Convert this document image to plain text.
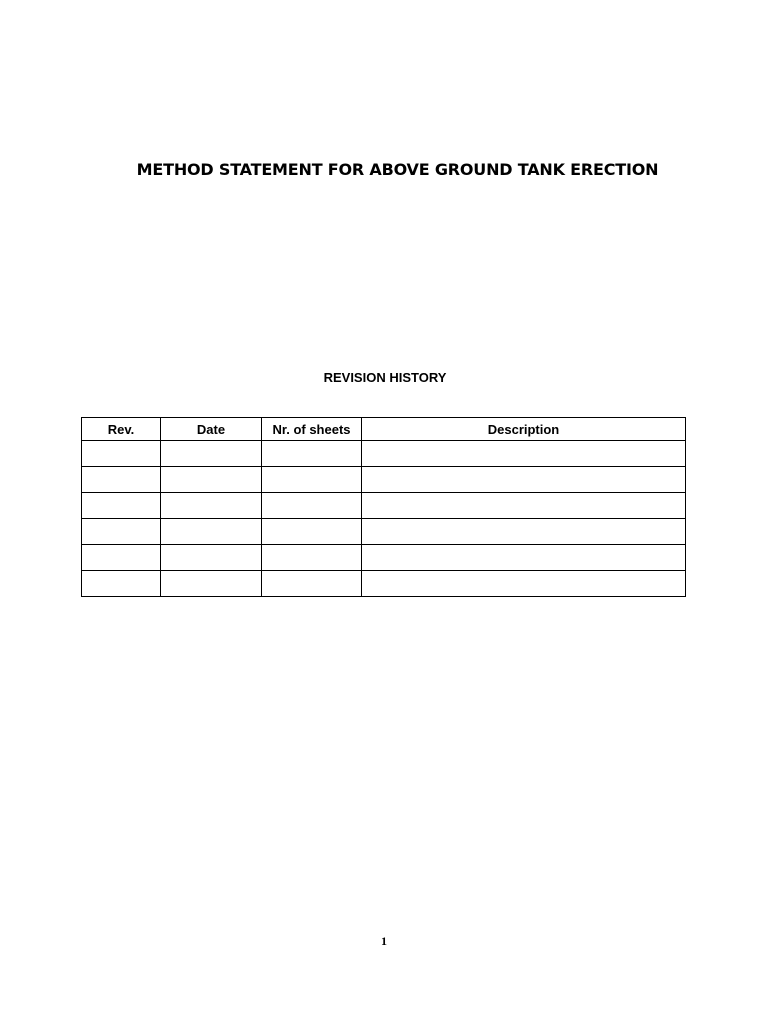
METHOD STATEMENT FOR ABOVE GROUND TANK ERECTION
REVISION HISTORY
Rev.	Date	Nr. of sheets	Description

1
